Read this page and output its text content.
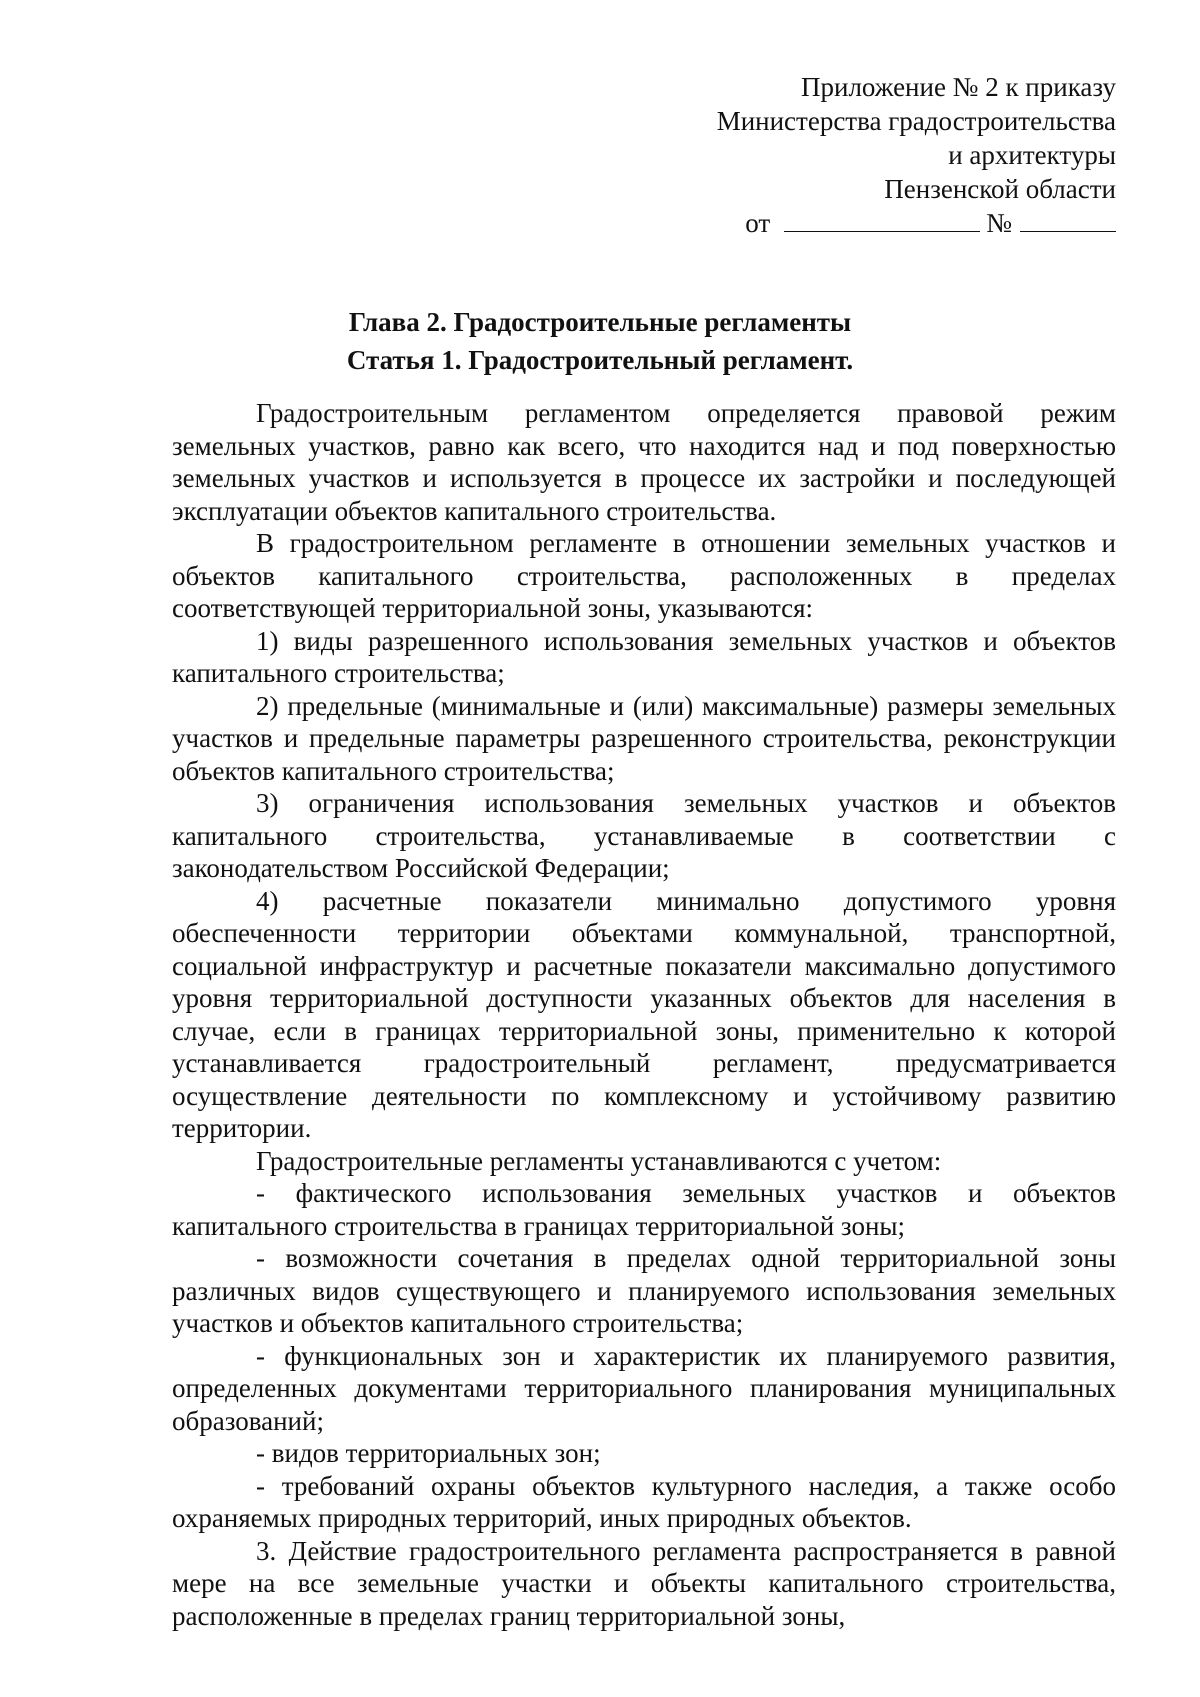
Приложение № 2 к приказу
Министерства градостроительства
и архитектуры
Пензенской области
от	№
Глава 2. Градостроительные регламенты
Статья 1. Градостроительный регламент.

Градостроительным регламентом определяется правовой режим земельных участков, равно как всего, что находится над и под поверхностью земельных участков и используется в процессе их застройки и последующей эксплуатации объектов капитального строительства.

В градостроительном регламенте в отношении земельных участков и объектов капитального строительства, расположенных в пределах соответствующей территориальной зоны, указываются:

1) виды разрешенного использования земельных участков и объектов капитального строительства;

2) предельные (минимальные и (или) максимальные) размеры земельных участков и предельные параметры разрешенного строительства, реконструкции объектов капитального строительства;

3) ограничения использования земельных участков и объектов капитального строительства, устанавливаемые в соответствии с законодательством Российской Федерации;

4) расчетные показатели минимально допустимого уровня обеспеченности территории объектами коммунальной, транспортной, социальной инфраструктур и расчетные показатели максимально допустимого уровня территориальной доступности указанных объектов для населения в случае, если в границах территориальной зоны, применительно к которой устанавливается градостроительный регламент, предусматривается осуществление деятельности по комплексному и устойчивому развитию территории.

Градостроительные регламенты устанавливаются с учетом:

- фактического использования земельных участков и объектов капитального строительства в границах территориальной зоны;

- возможности сочетания в пределах одной территориальной зоны различных видов существующего и планируемого использования земельных участков и объектов капитального строительства;

- функциональных зон и характеристик их планируемого развития, определенных документами территориального планирования муниципальных образований;

- видов территориальных зон;

- требований охраны объектов культурного наследия, а также особо охраняемых природных территорий, иных природных объектов.

3. Действие градостроительного регламента распространяется в равной мере на все земельные участки и объекты капитального строительства, расположенные в пределах границ территориальной зоны,
